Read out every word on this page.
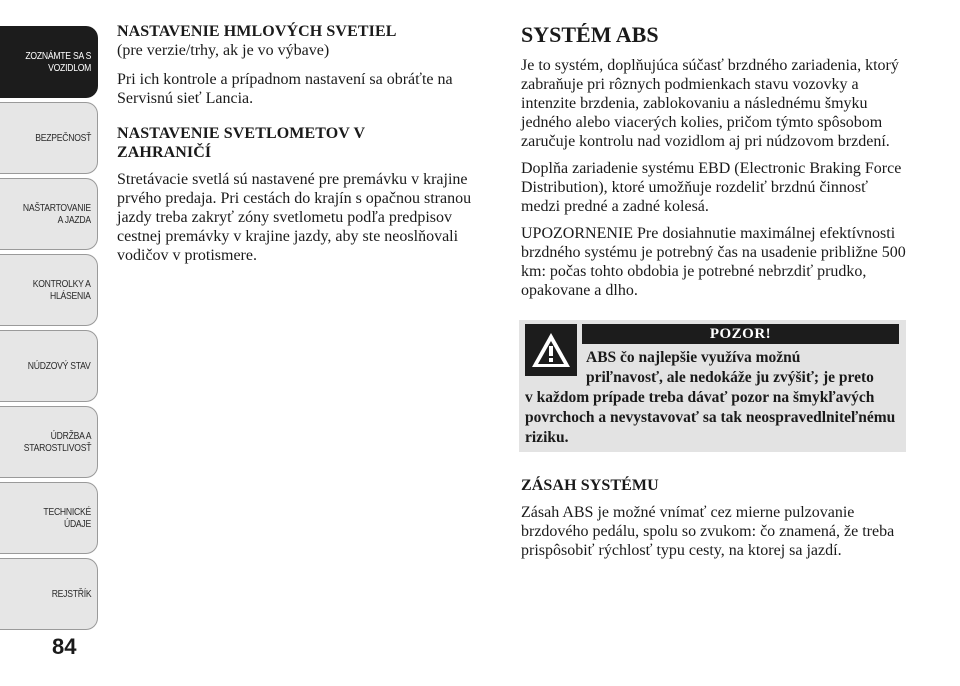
ZOZNÁMTE SA S
VOZIDLOM
BEZPEČNOSŤ
NAŠTARTOVANIE
A JAZDA
KONTROLKY A
HLÁSENIA
NÚDZOVÝ STAV
ÚDRŽBA A
STAROSTLIVOSŤ
TECHNICKÉ
ÚDAJE
REJSTŘÍK
84
NASTAVENIE HMLOVÝCH SVETIEL

(pre verzie/trhy, ak je vo výbave)

Pri ich kontrole a prípadnom nastavení sa obráťte na Servisnú sieť Lancia.

NASTAVENIE SVETLOMETOV V
ZAHRANIČÍ

Stretávacie svetlá sú nastavené pre premávku v krajine prvého predaja. Pri cestách do krajín s opačnou stranou jazdy treba zakryť zóny svetlometu podľa predpisov cestnej premávky v krajine jazdy, aby ste neoslňovali vodičov v protismere.

SYSTÉM ABS

Je to systém, doplňujúca súčasť brzdného zariadenia, ktorý zabraňuje pri rôznych podmienkach stavu vozovky a intenzite brzdenia, zablokovaniu a následnému šmyku jedného alebo viacerých kolies, pričom týmto spôsobom zaručuje kontrolu nad vozidlom aj pri núdzovom brzdení.

Doplňa zariadenie systému EBD (Electronic Braking Force Distribution), ktoré umožňuje rozdeliť brzdnú činnosť medzi predné a zadné kolesá.

UPOZORNENIE Pre dosiahnutie maximálnej efektívnosti brzdného systému je potrebný čas na usadenie približne 500 km: počas tohto obdobia je potrebné nebrzdiť prudko, opakovane a dlho.

POZOR!
ABS čo najlepšie využíva možnú
priľnavosť, ale nedokáže ju zvýšiť; je preto
v každom prípade treba dávať pozor na šmykľavých povrchoch a nevystavovať sa tak neospravedlniteľnému riziku.
ZÁSAH SYSTÉMU

Zásah ABS je možné vnímať cez mierne pulzovanie brzdového pedálu, spolu so zvukom: čo znamená, že treba prispôsobiť rýchlosť typu cesty, na ktorej sa jazdí.
